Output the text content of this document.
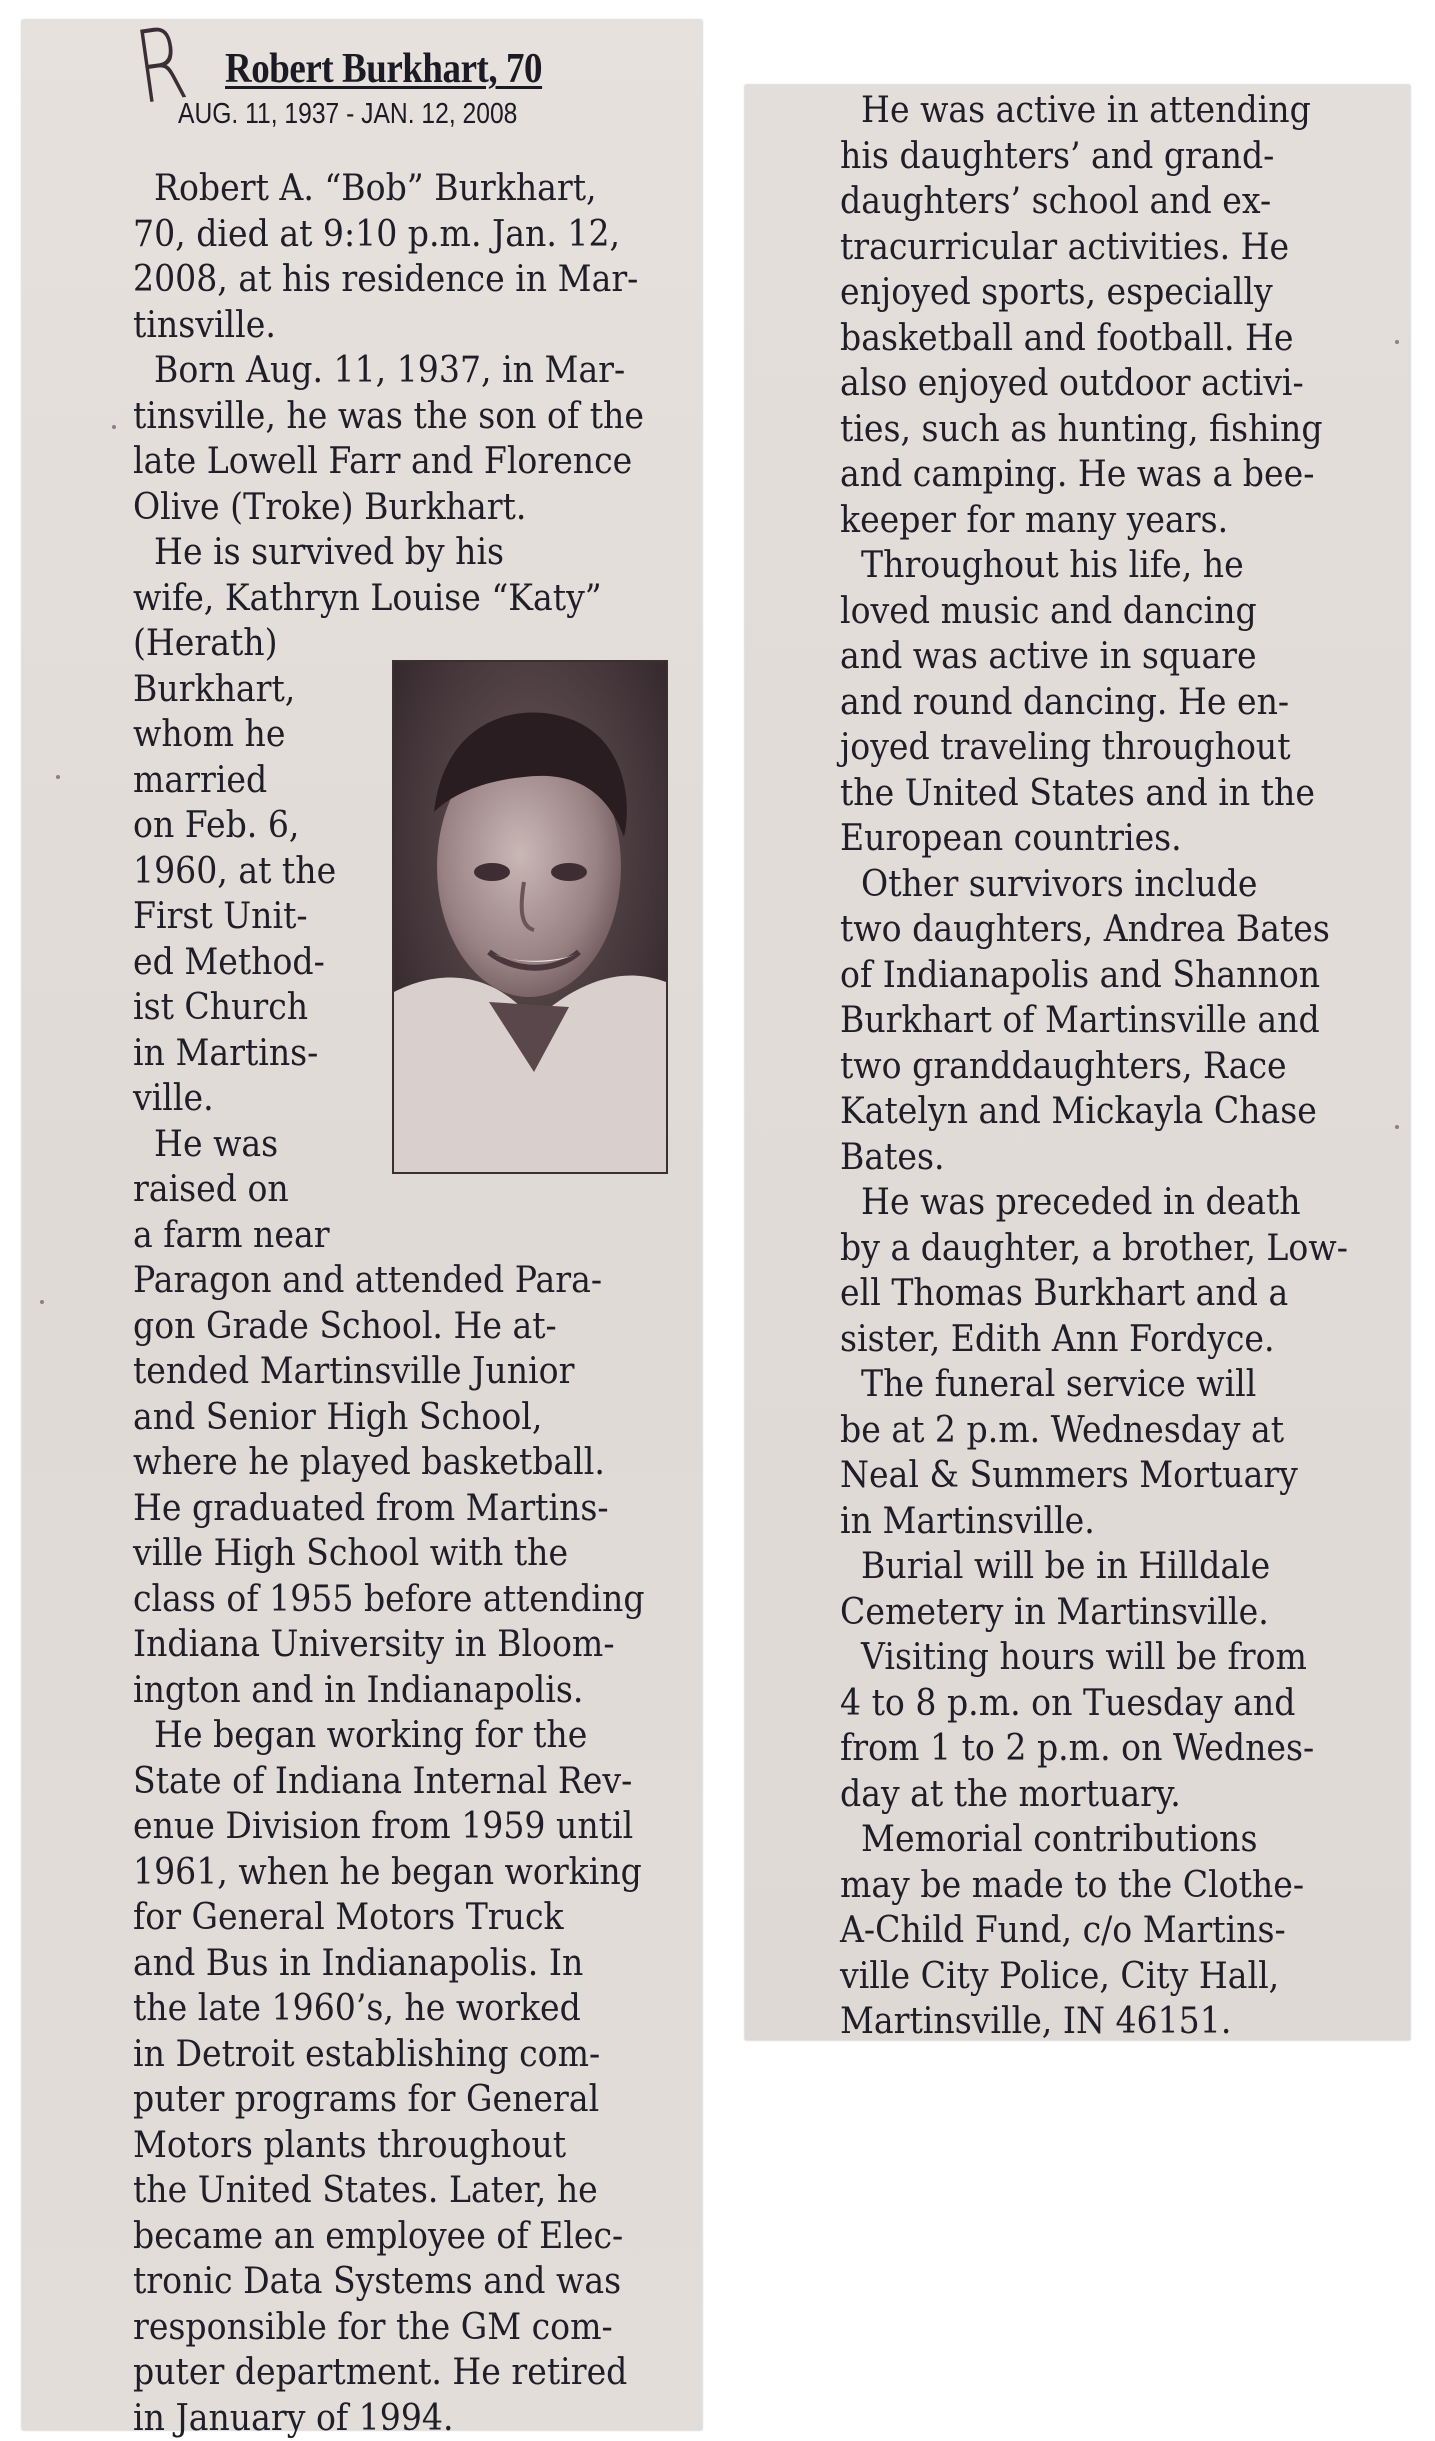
R Robert Burkhart, 70
AUG. 11, 1937 - JAN. 12, 2008
Robert A. “Bob” Burkhart,
70, died at 9:10 p.m. Jan. 12,
2008, at his residence in Mar-
tinsville.
Born Aug. 11, 1937, in Mar-
tinsville, he was the son of the
late Lowell Farr and Florence
Olive (Troke) Burkhart.
He is survived by his
wife, Kathryn Louise “Katy”
(Herath)
Burkhart,
whom he
married
on Feb. 6,
1960, at the
First Unit-
ed Method-
ist Church
in Martins-
ville.
He was
raised on
a farm near
Paragon and attended Para-
gon Grade School. He at-
tended Martinsville Junior
and Senior High School,
where he played basketball.
He graduated from Martins-
ville High School with the
class of 1955 before attending
Indiana University in Bloom-
ington and in Indianapolis.
He began working for the
State of Indiana Internal Rev-
enue Division from 1959 until
1961, when he began working
for General Motors Truck
and Bus in Indianapolis. In
the late 1960’s, he worked
in Detroit establishing com-
puter programs for General
Motors plants throughout
the United States. Later, he
became an employee of Elec-
tronic Data Systems and was
responsible for the GM com-
puter department. He retired
in January of 1994.
He was active in attending
his daughters’ and grand-
daughters’ school and ex-
tracurricular activities. He
enjoyed sports, especially
basketball and football. He
also enjoyed outdoor activi-
ties, such as hunting, fishing
and camping. He was a bee-
keeper for many years.
Throughout his life, he
loved music and dancing
and was active in square
and round dancing. He en-
joyed traveling throughout
the United States and in the
European countries.
Other survivors include
two daughters, Andrea Bates
of Indianapolis and Shannon
Burkhart of Martinsville and
two granddaughters, Race
Katelyn and Mickayla Chase
Bates.
He was preceded in death
by a daughter, a brother, Low-
ell Thomas Burkhart and a
sister, Edith Ann Fordyce.
The funeral service will
be at 2 p.m. Wednesday at
Neal & Summers Mortuary
in Martinsville.
Burial will be in Hilldale
Cemetery in Martinsville.
Visiting hours will be from
4 to 8 p.m. on Tuesday and
from 1 to 2 p.m. on Wednes-
day at the mortuary.
Memorial contributions
may be made to the Clothe-
A-Child Fund, c/o Martins-
ville City Police, City Hall,
Martinsville, IN 46151.
